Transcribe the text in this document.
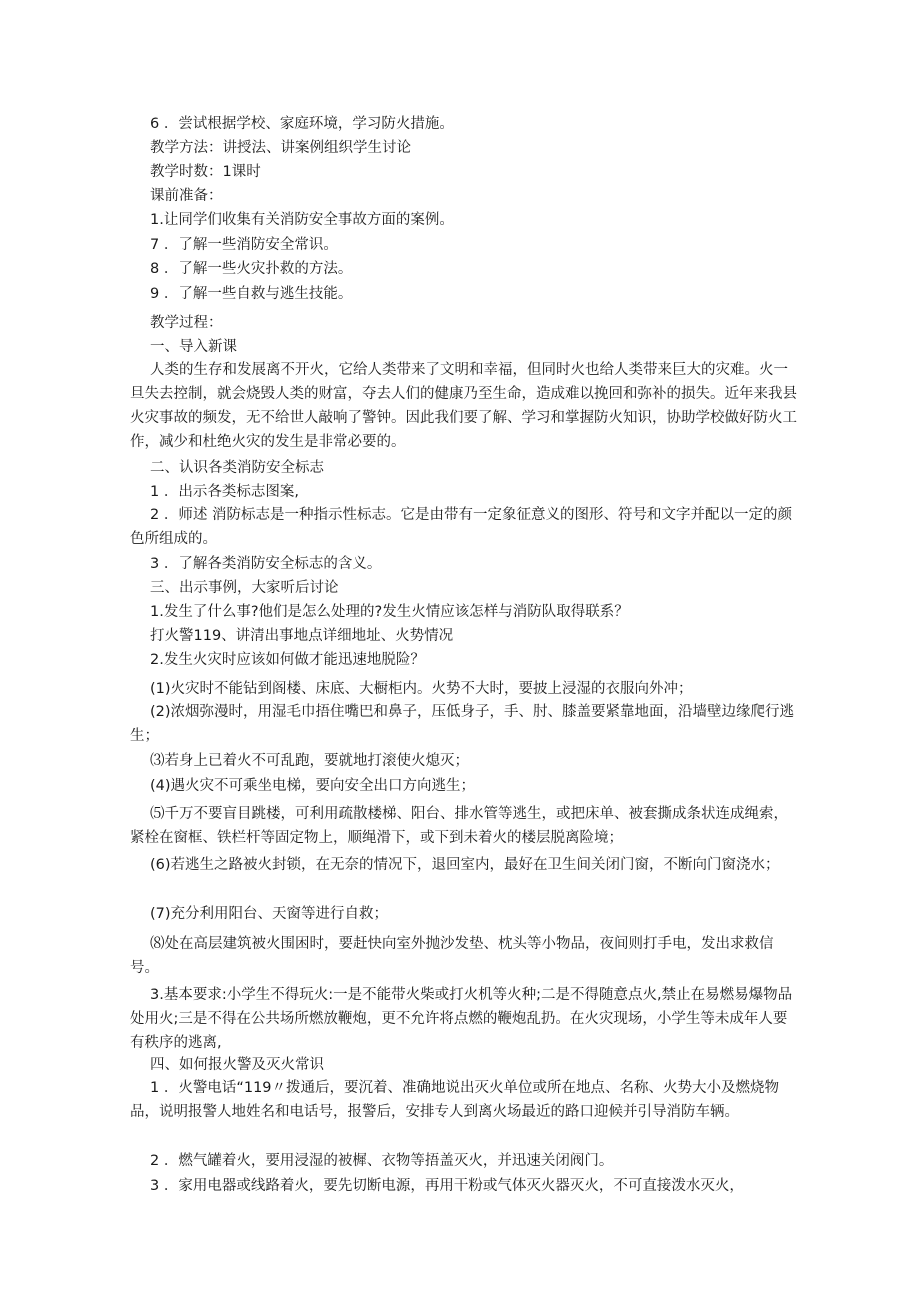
6 ．尝试根据学校、家庭环境，学习防火措施。
教学方法：讲授法、讲案例组织学生讨论
教学时数：1课时
课前准备：
1.让同学们收集有关消防安全事故方面的案例。
7 ．了解一些消防安全常识。
8 ．了解一些火灾扑救的方法。
9 ．了解一些自救与逃生技能。
教学过程：
一、导入新课
人类的生存和发展离不开火，它给人类带来了文明和幸福，但同时火也给人类带来巨大的灾难。火一旦失去控制，就会烧毁人类的财富，夺去人们的健康乃至生命，造成难以挽回和弥补的损失。近年来我县火灾事故的频发，无不给世人敲响了警钟。因此我们要了解、学习和掌握防火知识，协助学校做好防火工作，减少和杜绝火灾的发生是非常必要的。
二、认识各类消防安全标志
1 ．出示各类标志图案,
2 ．师述 消防标志是一种指示性标志。它是由带有一定象征意义的图形、符号和文字并配以一定的颜色所组成的。
3 ．了解各类消防安全标志的含义。
三、出示事例，大家听后讨论
1.发生了什么事?他们是怎么处理的?发生火情应该怎样与消防队取得联系？
打火警119、讲清出事地点详细地址、火势情况
2.发生火灾时应该如何做才能迅速地脱险？
(1)火灾时不能钻到阁楼、床底、大橱柜内。火势不大时，要披上浸湿的衣服向外冲；
(2)浓烟弥漫时，用湿毛巾捂住嘴巴和鼻子，压低身子，手、肘、膝盖要紧靠地面，沿墙壁边缘爬行逃生；
⑶若身上已着火不可乱跑，要就地打滚使火熄灭；
(4)遇火灾不可乘坐电梯，要向安全出口方向逃生；
⑸千万不要盲目跳楼，可利用疏散楼梯、阳台、排水管等逃生，或把床单、被套撕成条状连成绳索，紧栓在窗框、铁栏杆等固定物上，顺绳滑下，或下到未着火的楼层脱离险境；
(6)若逃生之路被火封锁，在无奈的情况下，退回室内，最好在卫生间关闭门窗，不断向门窗浇水；
(7)充分利用阳台、天窗等进行自救；
⑻处在高层建筑被火围困时，要赶快向室外抛沙发垫、枕头等小物品，夜间则打手电，发出求救信号。
3.基本要求:小学生不得玩火:一是不能带火柴或打火机等火种;二是不得随意点火,禁止在易燃易爆物品处用火;三是不得在公共场所燃放鞭炮，更不允许将点燃的鞭炮乱扔。在火灾现场，小学生等未成年人要有秩序的逃离,
四、如何报火警及灭火常识
1 ．火警电话“119〃拨通后，要沉着、准确地说出灭火单位或所在地点、名称、火势大小及燃烧物品，说明报警人地姓名和电话号，报警后，安排专人到离火场最近的路口迎候并引导消防车辆。
2 ．燃气罐着火，要用浸湿的被樨、衣物等捂盖灭火，并迅速关闭阀门。
3 ．家用电器或线路着火，要先切断电源，再用干粉或气体灭火器灭火，不可直接泼水灭火，
